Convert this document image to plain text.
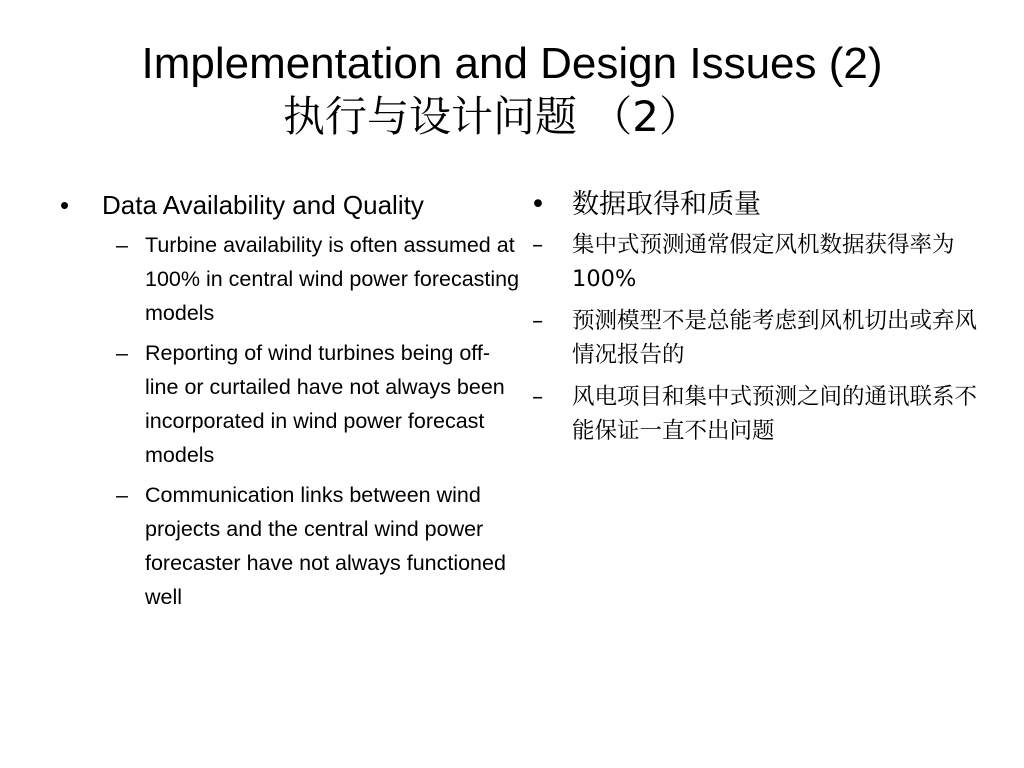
Implementation and Design Issues (2)
执行与设计问题 （2）
• Data Availability and Quality
– Turbine availability is often assumed at 100% in central wind power forecasting models
– Reporting of wind turbines being off-line or curtailed have not always been incorporated in wind power forecast models
– Communication links between wind projects and the central wind power forecaster have not always functioned well
• 数据取得和质量
– 集中式预测通常假定风机数据获得率为100%
– 预测模型不是总能考虑到风机切出或弃风情况报告的
– 风电项目和集中式预测之间的通讯联系不能保证一直不出问题
